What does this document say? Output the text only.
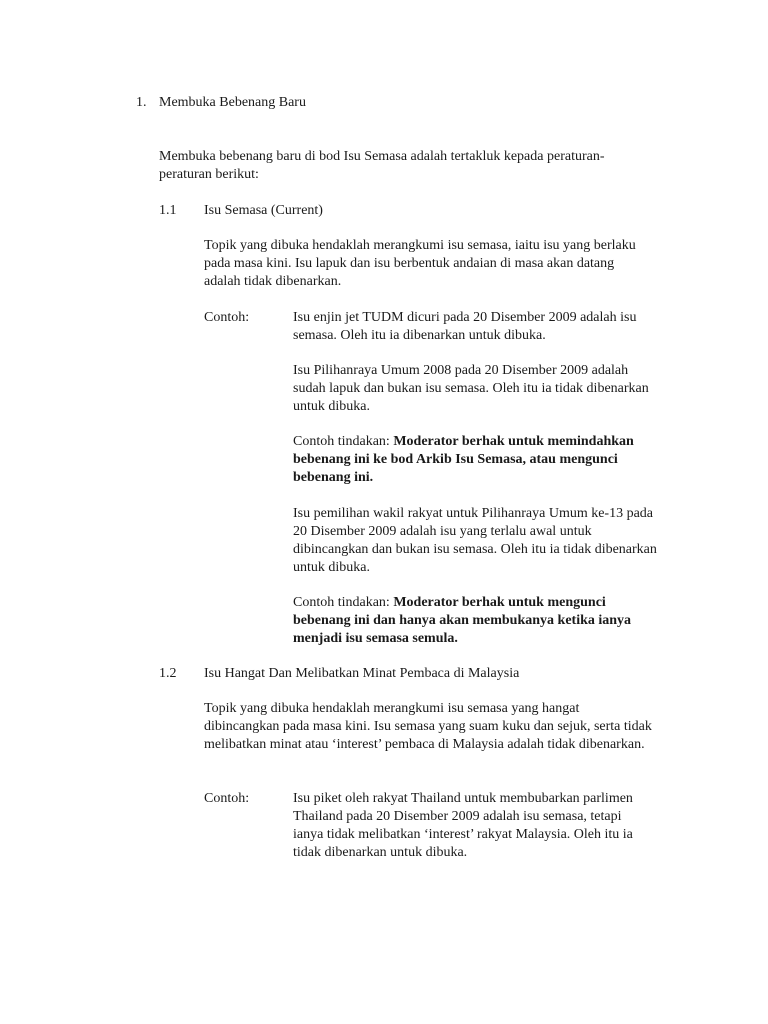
1. Membuka Bebenang Baru

Membuka bebenang baru di bod Isu Semasa adalah tertakluk kepada peraturan-peraturan berikut:

1.1 Isu Semasa (Current)

Topik yang dibuka hendaklah merangkumi isu semasa, iaitu isu yang berlaku pada masa kini. Isu lapuk dan isu berbentuk andaian di masa akan datang adalah tidak dibenarkan.

Contoh:	Isu enjin jet TUDM dicuri pada 20 Disember 2009 adalah isu semasa. Oleh itu ia dibenarkan untuk dibuka.

Isu Pilihanraya Umum 2008 pada 20 Disember 2009 adalah sudah lapuk dan bukan isu semasa. Oleh itu ia tidak dibenarkan untuk dibuka.

Contoh tindakan: Moderator berhak untuk memindahkan bebenang ini ke bod Arkib Isu Semasa, atau mengunci bebenang ini.

Isu pemilihan wakil rakyat untuk Pilihanraya Umum ke-13 pada 20 Disember 2009 adalah isu yang terlalu awal untuk dibincangkan dan bukan isu semasa. Oleh itu ia tidak dibenarkan untuk dibuka.

Contoh tindakan: Moderator berhak untuk mengunci bebenang ini dan hanya akan membukanya ketika ianya menjadi isu semasa semula.

1.2 Isu Hangat Dan Melibatkan Minat Pembaca di Malaysia

Topik yang dibuka hendaklah merangkumi isu semasa yang hangat dibincangkan pada masa kini. Isu semasa yang suam kuku dan sejuk, serta tidak melibatkan minat atau ‘interest’ pembaca di Malaysia adalah tidak dibenarkan.

Contoh:	Isu piket oleh rakyat Thailand untuk membubarkan parlimen Thailand pada 20 Disember 2009 adalah isu semasa, tetapi ianya tidak melibatkan ‘interest’ rakyat Malaysia. Oleh itu ia tidak dibenarkan untuk dibuka.
